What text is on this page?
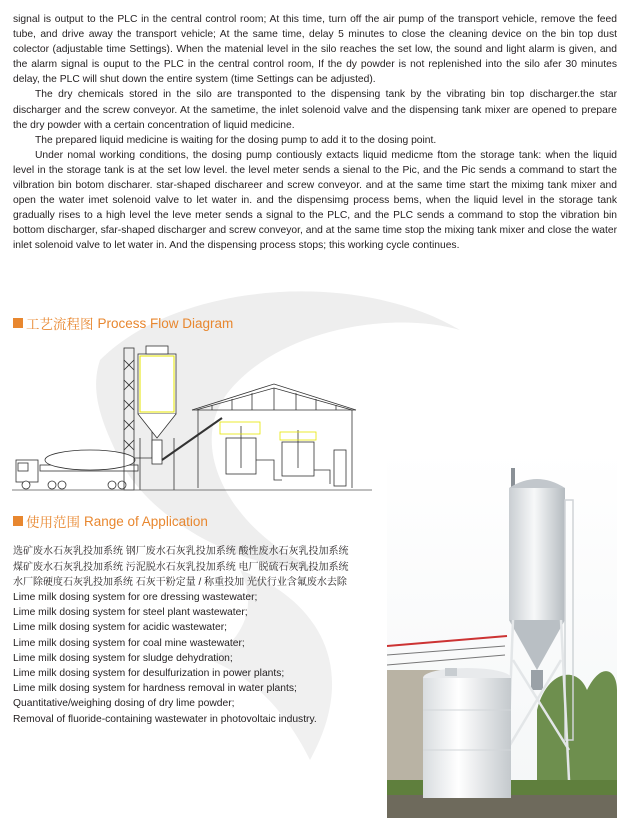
signal is output to the PLC in the central control room; At this time, turn off the air pump of the transport vehicle, remove the feed tube, and drive away the transport vehicle; At the same time, delay 5 minutes to close the cleaning device on the bin top dust colector (adjustable time Settings). When the matenial level in the silo reaches the set low, the sound and light alarm is given, and the alarm signal is ouput to the PLC in the central control room, If the dy powder is not replenished into the silo afer 30 minutes delay, the PLC will shut down the entire system (time Settings can be adjusted).

The dry chemicals stored in the silo are transponted to the dispensing tank by the vibrating bin top discharger.the star discharger and the screw conveyor. At the sametime, the inlet solenoid valve and the dispensing tank mixer are opened to prepare the dry powder with a certain concentration of liquid medicine.

The prepared liquid medicine is waiting for the dosing pump to add it to the dosing point.

Under nomal working conditions, the dosing pump contiously extacts liquid medicme ftom the storage tank: when the liquid level in the storage tank is at the set low level. the level meter sends a sienal to the Pic, and the Pic sends a command to start the vilbration bin botom discharer. star-shaped dischareer and screw conveyor. and at the same time start the miximg tank mixer and open the water imet solenoid valve to let water in. and the dispensimg process bems, when the liquid level in the storage tank gradually rises to a high level the leve meter sends a signal to the PLC, and the PLC sends a command to stop the vibration bin bottom discharger, sfar-shaped discharger and screw conveyor, and at the same time stop the mixing tank mixer and close the water inlet solenoid valve to let water in. And the dispensing process stops; this working cycle continues.

工艺流程图 Process Flow Diagram
使用范围 Range of Application
选矿废水石灰乳投加系统 钢厂废水石灰乳投加系统 酸性废水石灰乳投加系统
煤矿废水石灰乳投加系统 污泥脱水石灰乳投加系统 电厂脱硫石灰乳投加系统
水厂除硬度石灰乳投加系统 石灰干粉定量 / 称重投加 光伏行业含氟废水去除
Lime milk dosing system for ore dressing wastewater;
Lime milk dosing system for steel plant wastewater;
Lime milk dosing system for acidic wastewater;
Lime milk dosing system for coal mine wastewater;
Lime milk dosing system for sludge dehydration;
Lime milk dosing system for desulfurization in power plants;
Lime milk dosing system for hardness removal in water plants;
Quantitative/weighing dosing of dry lime powder;
Removal of fluoride-containing wastewater in photovoltaic industry.
